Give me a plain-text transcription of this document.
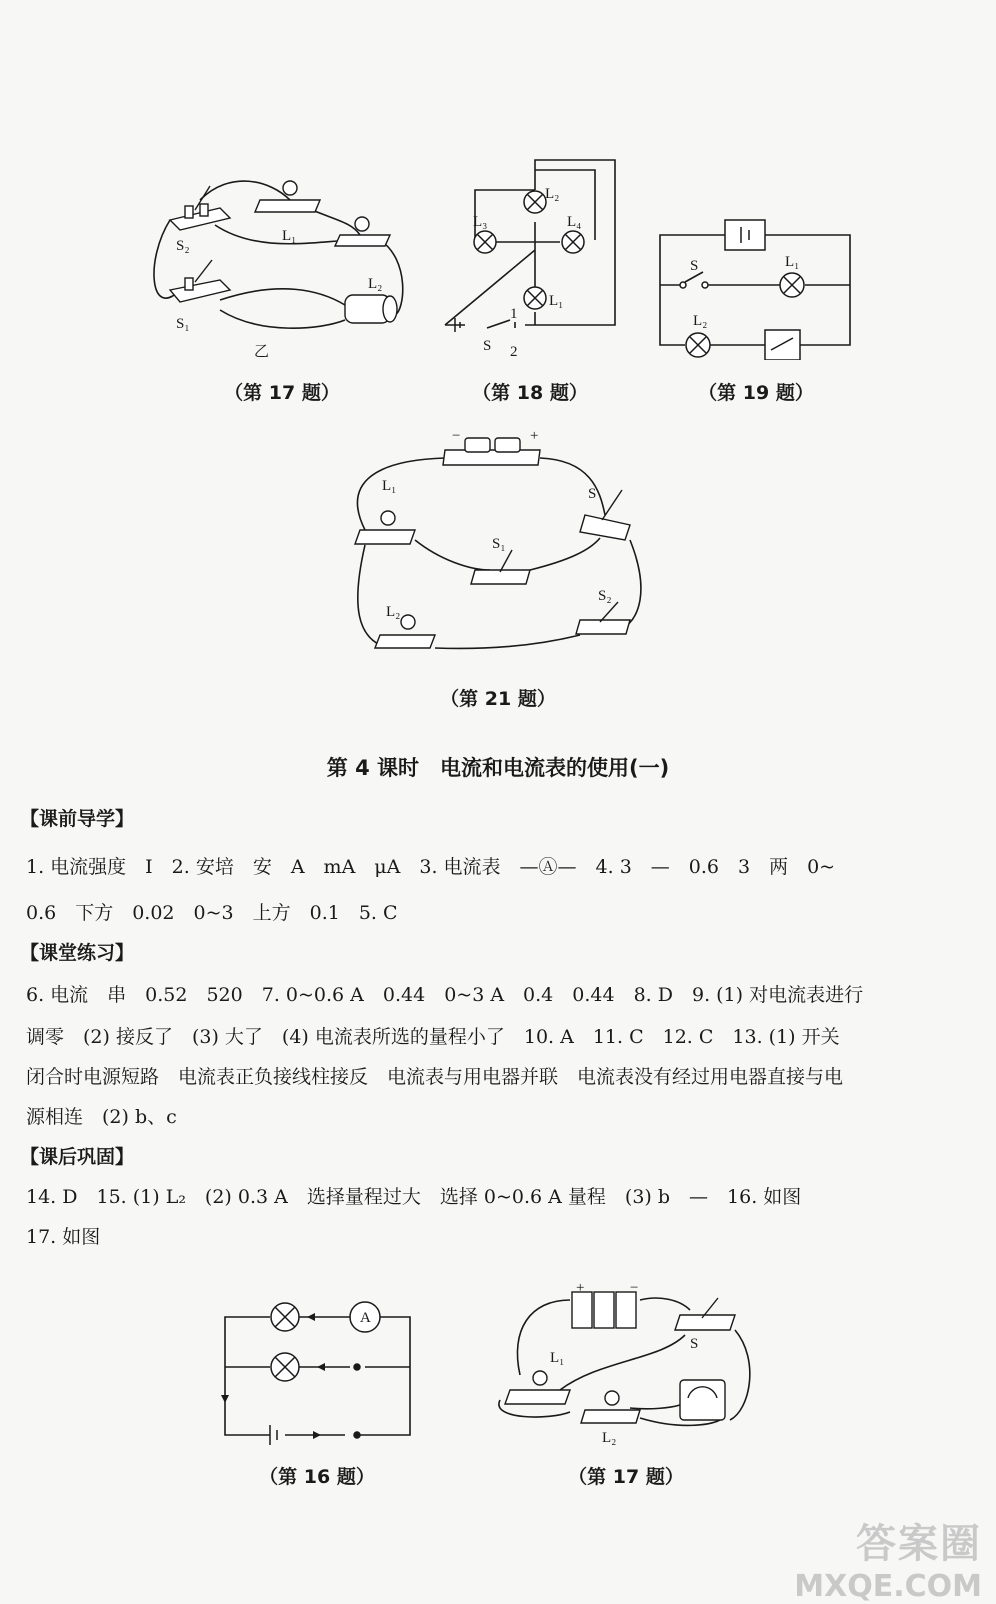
S₂
L₁
L₂
S₁
乙
（第 17 题）
L₂
L₃	L₄
L₁
S
1
2
（第 18 题）
S	L₁
L₂
（第 19 题）
L₁	S
S₁
S₂
L₂
+
−
（第 21 题）
第 4 课时　电流和电流表的使用(一)
【课前导学】
1. 电流强度　I　2. 安培　安　A　mA　μA　3. 电流表　—Ⓐ—　4. 3　—　0.6　3　两　0~
0.6　下方　0.02　0~3　上方　0.1　5. C
【课堂练习】
6. 电流　串　0.52　520　7. 0~0.6 A　0.44　0~3 A　0.4　0.44　8. D　9. (1) 对电流表进行
调零　(2) 接反了　(3) 大了　(4) 电流表所选的量程小了　10. A　11. C　12. C　13. (1) 开关
闭合时电源短路　电流表正负接线柱接反　电流表与用电器并联　电流表没有经过用电器直接与电
源相连　(2) b、c
【课后巩固】
14. D　15. (1) L₂　(2) 0.3 A　选择量程过大　选择 0~0.6 A 量程　(3) b　—　16. 如图
17. 如图
A
（第 16 题）
L₁
L₂
S
+	−
（第 17 题）
答案圈
MXQE.COM
